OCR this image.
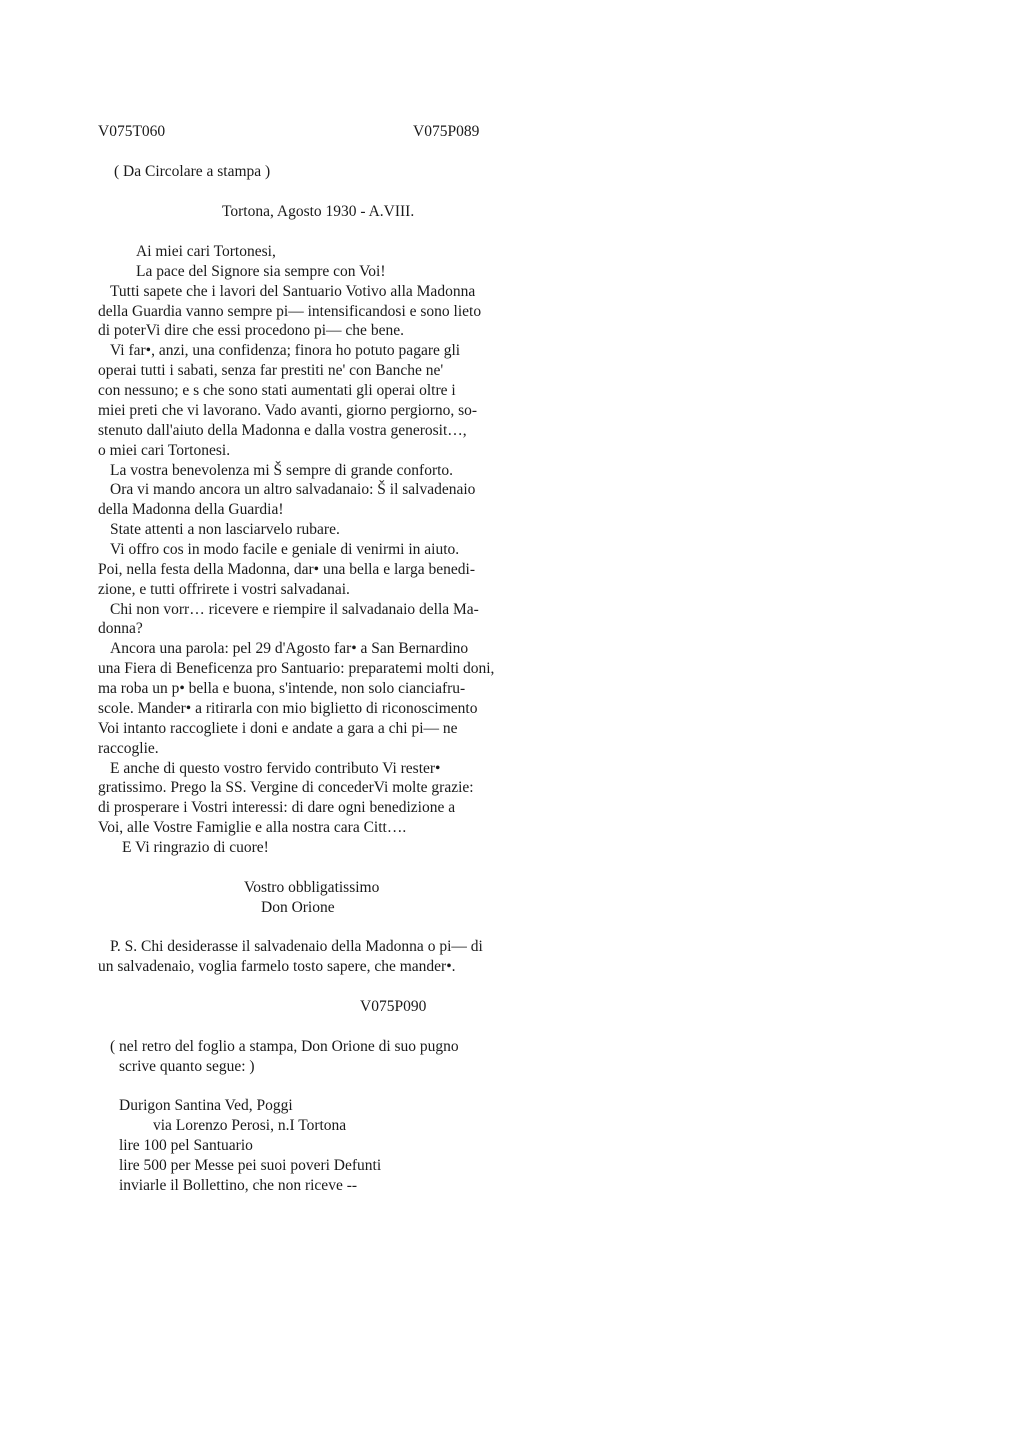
V075T060	V075P089
( Da Circolare a stampa )
Tortona, Agosto 1930 - A.VIII.
Ai miei cari Tortonesi,
La pace del Signore sia sempre con Voi!
Tutti sapete che i lavori del Santuario Votivo alla Madonna
della Guardia vanno sempre pi— intensificandosi e sono lieto
di poterVi dire che essi procedono pi— che bene.
Vi far•, anzi, una confidenza; finora ho potuto pagare gli
operai tutti i sabati, senza far prestiti ne' con Banche ne'
con nessuno; e s che sono stati aumentati gli operai oltre i
miei preti che vi lavorano. Vado avanti, giorno pergiorno, so-
stenuto dall'aiuto della Madonna e dalla vostra generosit…,
o miei cari Tortonesi.
La vostra benevolenza mi Š sempre di grande conforto.
Ora vi mando ancora un altro salvadanaio: Š il salvadenaio
della Madonna della Guardia!
State attenti a non lasciarvelo rubare.
Vi offro cos in modo facile e geniale di venirmi in aiuto.
Poi, nella festa della Madonna, dar• una bella e larga benedi-
zione, e tutti offrirete i vostri salvadanai.
Chi non vorr… ricevere e riempire il salvadanaio della Ma-
donna?
Ancora una parola: pel 29 d'Agosto far• a San Bernardino
una Fiera di Beneficenza pro Santuario: preparatemi molti doni,
ma roba un p• bella e buona, s'intende, non solo cianciafru-
scole. Mander• a ritirarla con mio biglietto di riconoscimento
Voi intanto raccogliete i doni e andate a gara a chi pi— ne
raccoglie.
E anche di questo vostro fervido contributo Vi rester•
gratissimo. Prego la SS. Vergine di concederVi molte grazie:
di prosperare i Vostri interessi: di dare ogni benedizione a
Voi, alle Vostre Famiglie e alla nostra cara Citt….
E Vi ringrazio di cuore!
Vostro obbligatissimo
Don Orione
P. S. Chi desiderasse il salvadenaio della Madonna o pi— di
un salvadenaio, voglia farmelo tosto sapere, che mander•.
V075P090
( nel retro del foglio a stampa, Don Orione di suo pugno
scrive quanto segue: )
Durigon Santina Ved, Poggi
via Lorenzo Perosi, n.I Tortona
lire 100 pel Santuario
lire 500 per Messe pei suoi poveri Defunti
inviarle il Bollettino, che non riceve --
